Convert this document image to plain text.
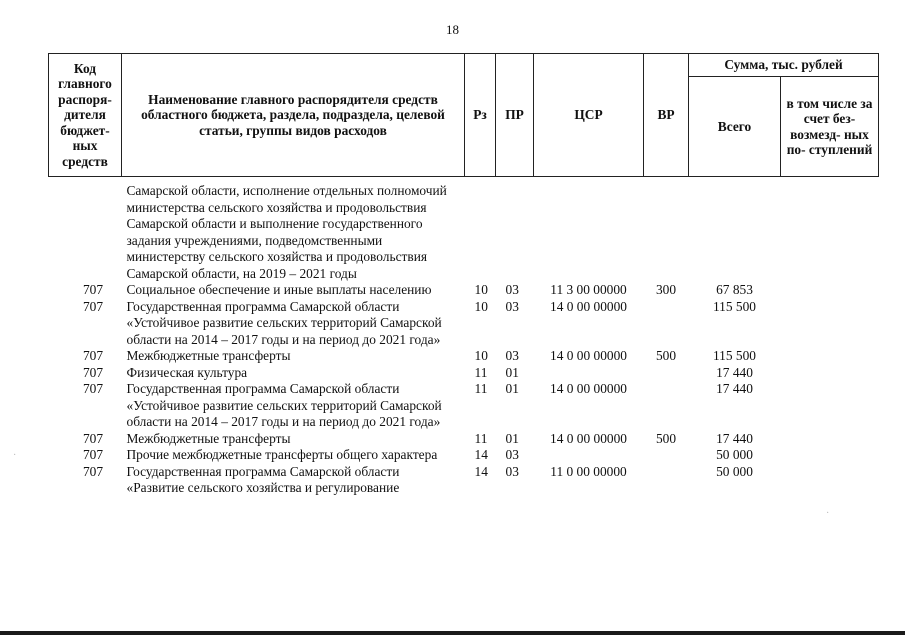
18
Код главного распоря- дителя бюджет- ных средств	Наименование главного распорядителя средств областного бюджета, раздела, подраздела, целевой статьи, группы видов расходов	Рз	ПР	ЦСР	ВР	Сумма, тыс. рублей	
						Всего	в том числе за счет без- возмезд- ных по- ступлений
	Самарской области, исполнение отдельных полномочий министерства сельского хозяйства и продовольствия Самарской области и выполнение государственного задания учреждениями, подведомственными министерству сельского хозяйства и продовольствия Самарской области, на 2019 – 2021 годы						
707	Социальное обеспечение и иные выплаты населению	10	03	11 3 00 00000	300	67 853	
707	Государственная программа Самарской области «Устойчивое развитие сельских территорий Самарской области на 2014 – 2017 годы и на период до 2021 года»	10	03	14 0 00 00000		115 500	
707	Межбюджетные трансферты	10	03	14 0 00 00000	500	115 500	
707	Физическая культура	11	01			17 440	
707	Государственная программа Самарской области «Устойчивое развитие сельских территорий Самарской области на 2014 – 2017 годы и на период до 2021 года»	11	01	14 0 00 00000		17 440	
707	Межбюджетные трансферты	11	01	14 0 00 00000	500	17 440	
707	Прочие межбюджетные трансферты общего характера	14	03			50 000	
707	Государственная программа Самарской области «Развитие сельского хозяйства и регулирование	14	03	11 0 00 00000		50 000	
·
·
